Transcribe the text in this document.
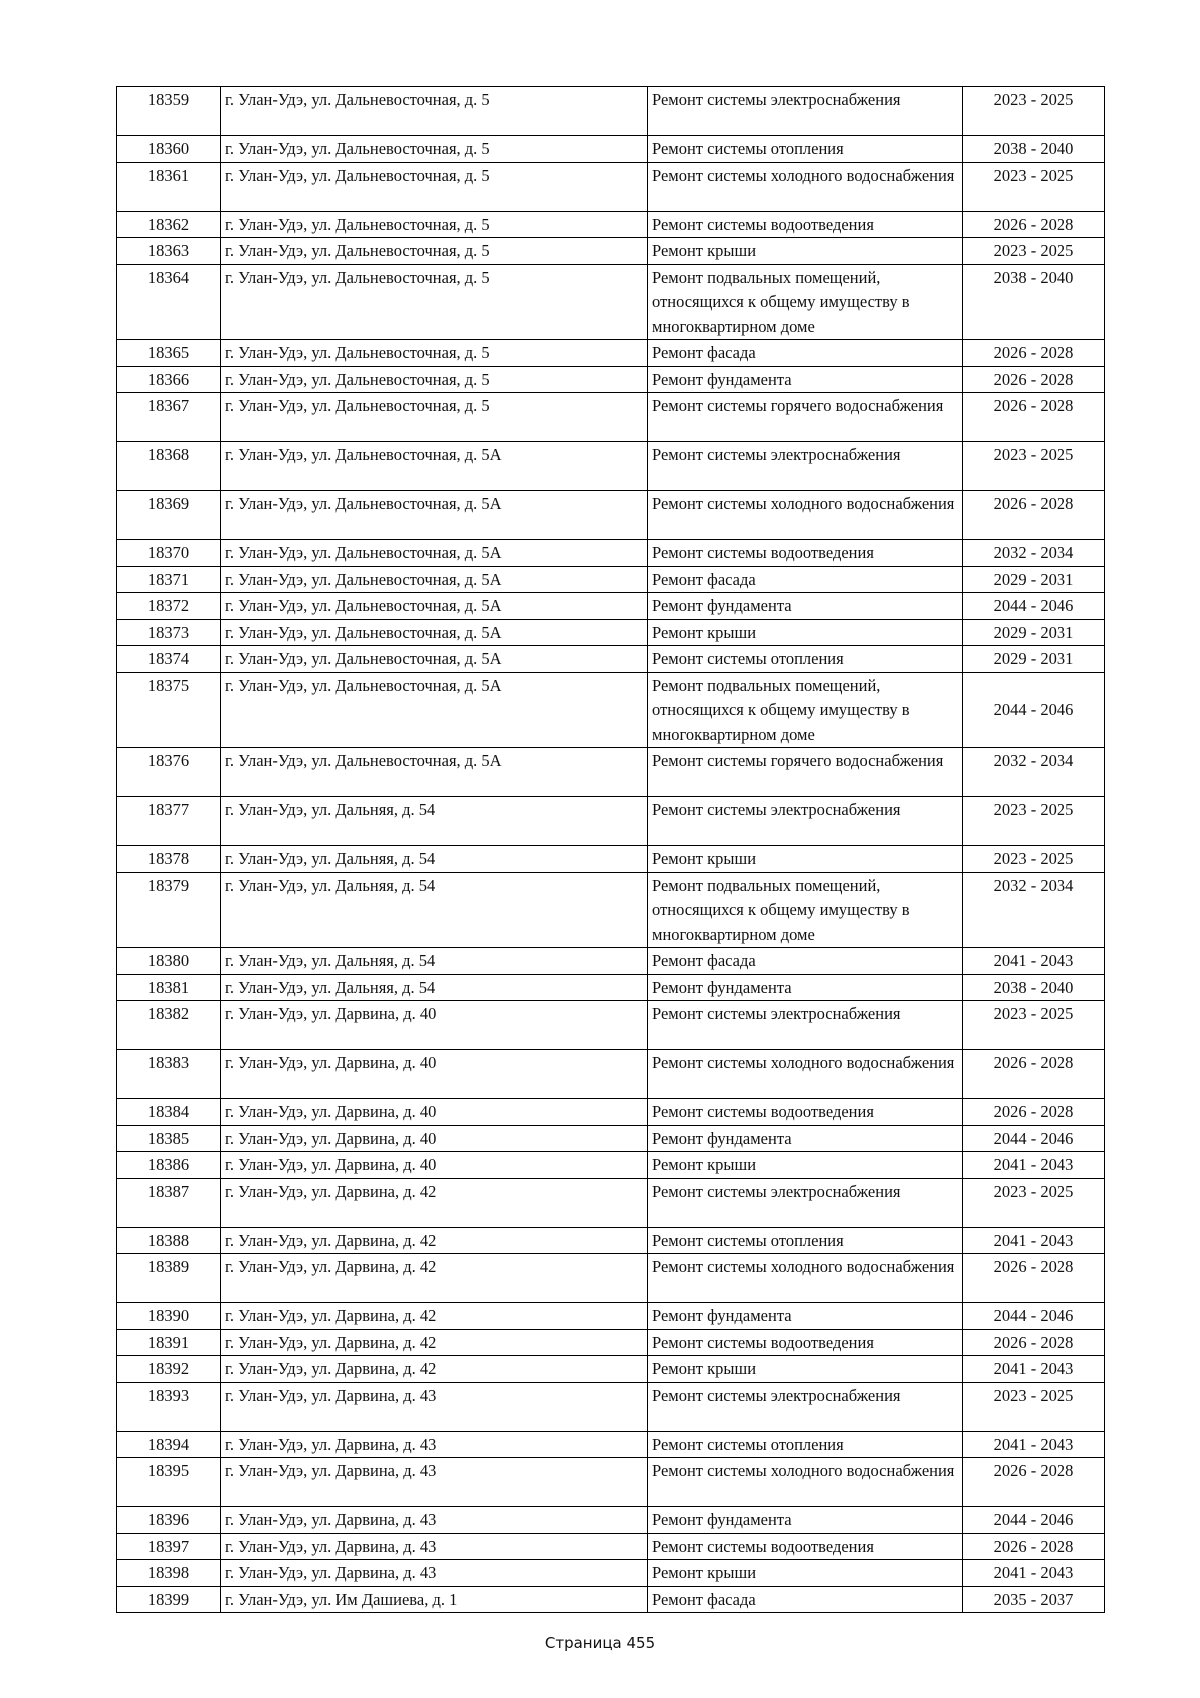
18359	г. Улан-Удэ, ул. Дальневосточная, д. 5	Ремонт системы электроснабжения	2023 - 2025
18360	г. Улан-Удэ, ул. Дальневосточная, д. 5	Ремонт системы отопления	2038 - 2040
18361	г. Улан-Удэ, ул. Дальневосточная, д. 5	Ремонт системы холодного водоснабжения	2023 - 2025
18362	г. Улан-Удэ, ул. Дальневосточная, д. 5	Ремонт системы водоотведения	2026 - 2028
18363	г. Улан-Удэ, ул. Дальневосточная, д. 5	Ремонт крыши	2023 - 2025
18364	г. Улан-Удэ, ул. Дальневосточная, д. 5	Ремонт подвальных помещений, относящихся к общему имуществу в многоквартирном доме	2038 - 2040
18365	г. Улан-Удэ, ул. Дальневосточная, д. 5	Ремонт фасада	2026 - 2028
18366	г. Улан-Удэ, ул. Дальневосточная, д. 5	Ремонт фундамента	2026 - 2028
18367	г. Улан-Удэ, ул. Дальневосточная, д. 5	Ремонт системы горячего водоснабжения	2026 - 2028
18368	г. Улан-Удэ, ул. Дальневосточная, д. 5А	Ремонт системы электроснабжения	2023 - 2025
18369	г. Улан-Удэ, ул. Дальневосточная, д. 5А	Ремонт системы холодного водоснабжения	2026 - 2028
18370	г. Улан-Удэ, ул. Дальневосточная, д. 5А	Ремонт системы водоотведения	2032 - 2034
18371	г. Улан-Удэ, ул. Дальневосточная, д. 5А	Ремонт фасада	2029 - 2031
18372	г. Улан-Удэ, ул. Дальневосточная, д. 5А	Ремонт фундамента	2044 - 2046
18373	г. Улан-Удэ, ул. Дальневосточная, д. 5А	Ремонт крыши	2029 - 2031
18374	г. Улан-Удэ, ул. Дальневосточная, д. 5А	Ремонт системы отопления	2029 - 2031
18375	г. Улан-Удэ, ул. Дальневосточная, д. 5А	Ремонт подвальных помещений, относящихся к общему имуществу в многоквартирном доме	2044 - 2046
18376	г. Улан-Удэ, ул. Дальневосточная, д. 5А	Ремонт системы горячего водоснабжения	2032 - 2034
18377	г. Улан-Удэ, ул. Дальняя, д. 54	Ремонт системы электроснабжения	2023 - 2025
18378	г. Улан-Удэ, ул. Дальняя, д. 54	Ремонт крыши	2023 - 2025
18379	г. Улан-Удэ, ул. Дальняя, д. 54	Ремонт подвальных помещений, относящихся к общему имуществу в многоквартирном доме	2032 - 2034
18380	г. Улан-Удэ, ул. Дальняя, д. 54	Ремонт фасада	2041 - 2043
18381	г. Улан-Удэ, ул. Дальняя, д. 54	Ремонт фундамента	2038 - 2040
18382	г. Улан-Удэ, ул. Дарвина, д. 40	Ремонт системы электроснабжения	2023 - 2025
18383	г. Улан-Удэ, ул. Дарвина, д. 40	Ремонт системы холодного водоснабжения	2026 - 2028
18384	г. Улан-Удэ, ул. Дарвина, д. 40	Ремонт системы водоотведения	2026 - 2028
18385	г. Улан-Удэ, ул. Дарвина, д. 40	Ремонт фундамента	2044 - 2046
18386	г. Улан-Удэ, ул. Дарвина, д. 40	Ремонт крыши	2041 - 2043
18387	г. Улан-Удэ, ул. Дарвина, д. 42	Ремонт системы электроснабжения	2023 - 2025
18388	г. Улан-Удэ, ул. Дарвина, д. 42	Ремонт системы отопления	2041 - 2043
18389	г. Улан-Удэ, ул. Дарвина, д. 42	Ремонт системы холодного водоснабжения	2026 - 2028
18390	г. Улан-Удэ, ул. Дарвина, д. 42	Ремонт фундамента	2044 - 2046
18391	г. Улан-Удэ, ул. Дарвина, д. 42	Ремонт системы водоотведения	2026 - 2028
18392	г. Улан-Удэ, ул. Дарвина, д. 42	Ремонт крыши	2041 - 2043
18393	г. Улан-Удэ, ул. Дарвина, д. 43	Ремонт системы электроснабжения	2023 - 2025
18394	г. Улан-Удэ, ул. Дарвина, д. 43	Ремонт системы отопления	2041 - 2043
18395	г. Улан-Удэ, ул. Дарвина, д. 43	Ремонт системы холодного водоснабжения	2026 - 2028
18396	г. Улан-Удэ, ул. Дарвина, д. 43	Ремонт фундамента	2044 - 2046
18397	г. Улан-Удэ, ул. Дарвина, д. 43	Ремонт системы водоотведения	2026 - 2028
18398	г. Улан-Удэ, ул. Дарвина, д. 43	Ремонт крыши	2041 - 2043
18399	г. Улан-Удэ, ул. Им Дашиева, д. 1	Ремонт фасада	2035 - 2037
Страница 455
